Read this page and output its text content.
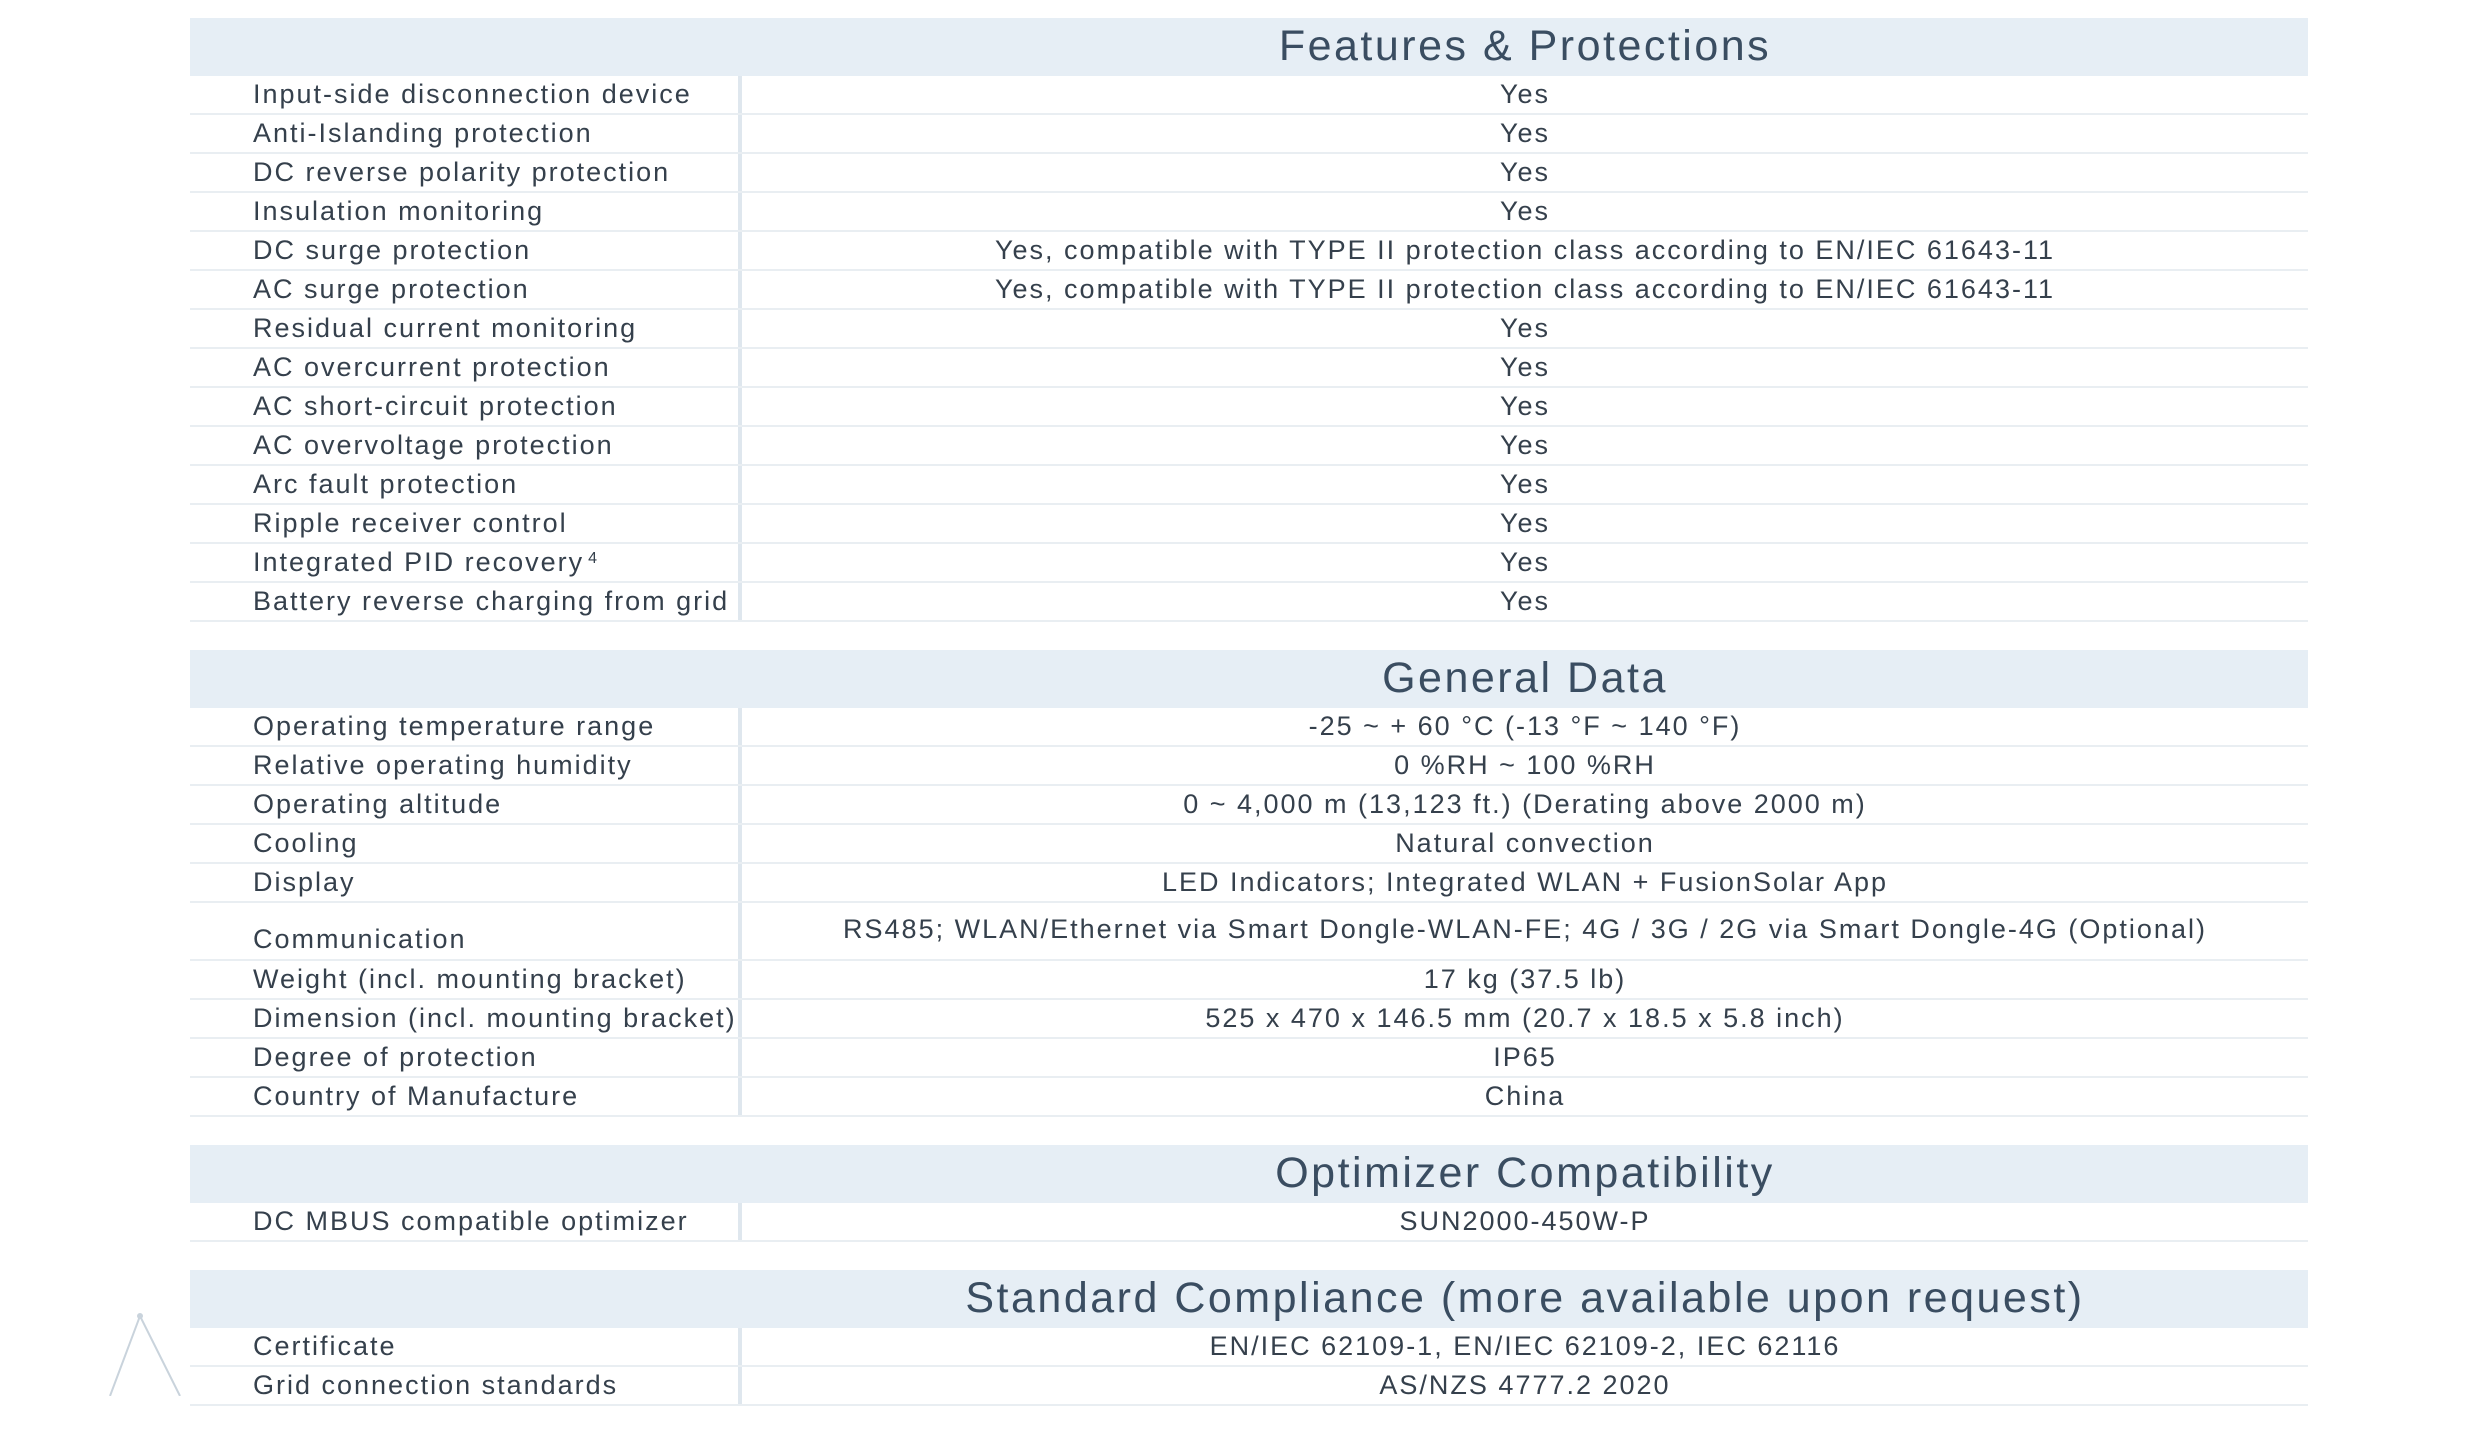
Features & Protections
Input-side disconnection device	Yes
Anti-Islanding protection	Yes
DC reverse polarity protection	Yes
Insulation monitoring	Yes
DC surge protection	Yes, compatible with TYPE II protection class according to EN/IEC 61643-11
AC surge protection	Yes, compatible with TYPE II protection class according to EN/IEC 61643-11
Residual current monitoring	Yes
AC overcurrent protection	Yes
AC short-circuit protection	Yes
AC overvoltage protection	Yes
Arc fault protection	Yes
Ripple receiver control	Yes
Integrated PID recovery $^4$	Yes
Battery reverse charging from grid	Yes
General Data
Operating temperature range	-25 ~ + 60 °C (-13 °F ~ 140 °F)
Relative operating humidity	0 %RH ~ 100 %RH
Operating altitude	0 ~ 4,000 m (13,123 ft.) (Derating above 2000 m)
Cooling	Natural convection
Display	LED Indicators; Integrated WLAN + FusionSolar App
Communication	RS485; WLAN/Ethernet via Smart Dongle-WLAN-FE; 4G / 3G / 2G via Smart Dongle-4G (Optional)
Weight (incl. mounting bracket)	17 kg (37.5 lb)
Dimension (incl. mounting bracket)	525 x 470 x 146.5 mm (20.7 x 18.5 x 5.8 inch)
Degree of protection	IP65
Country of Manufacture	China
Optimizer Compatibility
DC MBUS compatible optimizer	SUN2000-450W-P
Standard Compliance (more available upon request)
Certificate	EN/IEC 62109-1, EN/IEC 62109-2, IEC 62116
Grid connection standards	AS/NZS 4777.2 2020
